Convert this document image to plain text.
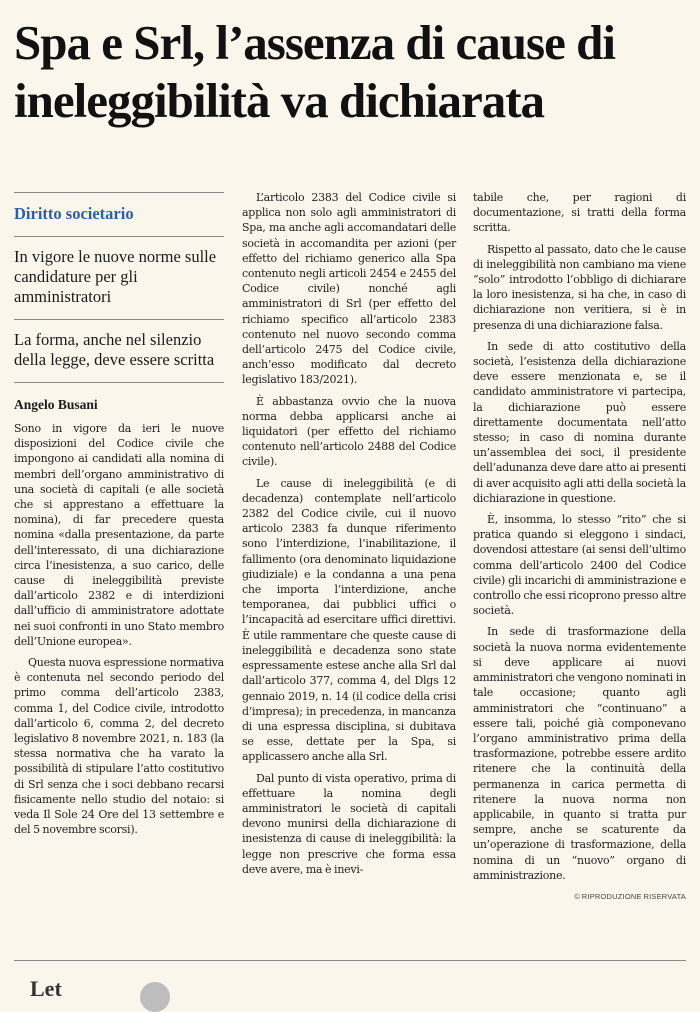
Spa e Srl, l’assenza di cause di ineleggibilità va dichiarata
Diritto societario
In vigore le nuove norme sulle candidature per gli amministratori
La forma, anche nel silenzio della legge, deve essere scritta
Angelo Busani

Sono in vigore da ieri le nuove disposizioni del Codice civile che impongono ai candidati alla nomina di membri dell’organo amministrativo di una società di capitali (e alle società che si apprestano a effettuare la nomina), di far precedere questa nomina «dalla presentazione, da parte dell’interessato, di una dichiarazione circa l’inesistenza, a suo carico, delle cause di ineleggibilità previste dall’articolo 2382 e di interdizioni dall’ufficio di amministratore adottate nei suoi confronti in uno Stato membro dell’Unione europea».

Questa nuova espressione normativa è contenuta nel secondo periodo del primo comma dell’articolo 2383, comma 1, del Codice civile, introdotto dall’articolo 6, comma 2, del decreto legislativo 8 novembre 2021, n. 183 (la stessa normativa che ha varato la possibilità di stipulare l’atto costitutivo di Srl senza che i soci debbano recarsi fisicamente nello studio del notaio: si veda Il Sole 24 Ore del 13 settembre e del 5 novembre scorsi).

L’articolo 2383 del Codice civile si applica non solo agli amministratori di Spa, ma anche agli accomandatari delle società in accomandita per azioni (per effetto del richiamo generico alla Spa contenuto negli articoli 2454 e 2455 del Codice civile) nonché agli amministratori di Srl (per effetto del richiamo specifico all’articolo 2383 contenuto nel nuovo secondo comma dell’articolo 2475 del Codice civile, anch’esso modificato dal decreto legislativo 183/2021).

È abbastanza ovvio che la nuova norma debba applicarsi anche ai liquidatori (per effetto del richiamo contenuto nell’articolo 2488 del Codice civile).

Le cause di ineleggibilità (e di decadenza) contemplate nell’articolo 2382 del Codice civile, cui il nuovo articolo 2383 fa dunque riferimento sono l’interdizione, l’inabilitazione, il fallimento (ora denominato liquidazione giudiziale) e la condanna a una pena che importa l’interdizione, anche temporanea, dai pubblici uffici o l’incapacità ad esercitare uffici direttivi. È utile rammentare che queste cause di ineleggibilità e decadenza sono state espressamente estese anche alla Srl dal dall’articolo 377, comma 4, del Dlgs 12 gennaio 2019, n. 14 (il codice della crisi d’impresa); in precedenza, in mancanza di una espressa disciplina, si dubitava se esse, dettate per la Spa, si applicassero anche alla Srl.

Dal punto di vista operativo, prima di effettuare la nomina degli amministratori le società di capitali devono munirsi della dichiarazione di inesistenza di cause di ineleggibilità: la legge non prescrive che forma essa deve avere, ma è inevi-

tabile che, per ragioni di documentazione, si tratti della forma scritta.

Rispetto al passato, dato che le cause di ineleggibilità non cambiano ma viene “solo” introdotto l’obbligo di dichiarare la loro inesistenza, si ha che, in caso di dichiarazione non veritiera, si è in presenza di una dichiarazione falsa.

In sede di atto costitutivo della società, l’esistenza della dichiarazione deve essere menzionata e, se il candidato amministratore vi partecipa, la dichiarazione può essere direttamente documentata nell’atto stesso; in caso di nomina durante un’assemblea dei soci, il presidente dell’adunanza deve dare atto ai presenti di aver acquisito agli atti della società la dichiarazione in questione.

È, insomma, lo stesso “rito” che si pratica quando si eleggono i sindaci, dovendosi attestare (ai sensi dell’ultimo comma dell’articolo 2400 del Codice civile) gli incarichi di amministrazione e controllo che essi ricoprono presso altre società.

In sede di trasformazione della società la nuova norma evidentemente si deve applicare ai nuovi amministratori che vengono nominati in tale occasione; quanto agli amministratori che “continuano” a essere tali, poiché già componevano l’organo amministrativo prima della trasformazione, potrebbe essere ardito ritenere che la continuità della permanenza in carica permetta di ritenere la nuova norma non applicabile, in quanto si tratta pur sempre, anche se scaturente da un’operazione di trasformazione, della nomina di un “nuovo” organo di amministrazione.

© RIPRODUZIONE RISERVATA
Let
